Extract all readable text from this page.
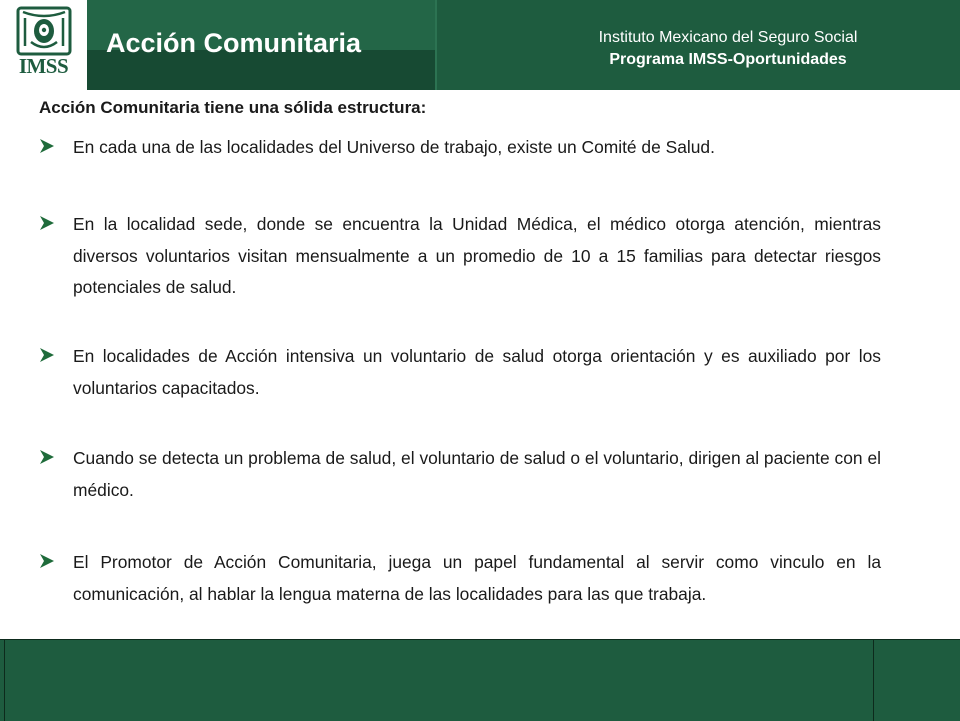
IMSS
Acción Comunitaria	Instituto Mexicano del Seguro Social
Programa IMSS-Oportunidades
Acción Comunitaria tiene una sólida estructura:
En cada una de las localidades del Universo de trabajo, existe un Comité de Salud.
En la localidad sede, donde se encuentra la Unidad Médica, el médico otorga atención, mientras diversos voluntarios visitan mensualmente a un promedio de 10 a 15 familias para detectar riesgos potenciales de salud.
En localidades de Acción intensiva un voluntario de salud otorga orientación y es auxiliado por los voluntarios capacitados.
Cuando se detecta un problema de salud, el voluntario de salud o el voluntario, dirigen al paciente con el médico.
El Promotor de Acción Comunitaria, juega un papel fundamental al servir como vinculo en la comunicación, al hablar la lengua materna de las localidades para las que trabaja.
